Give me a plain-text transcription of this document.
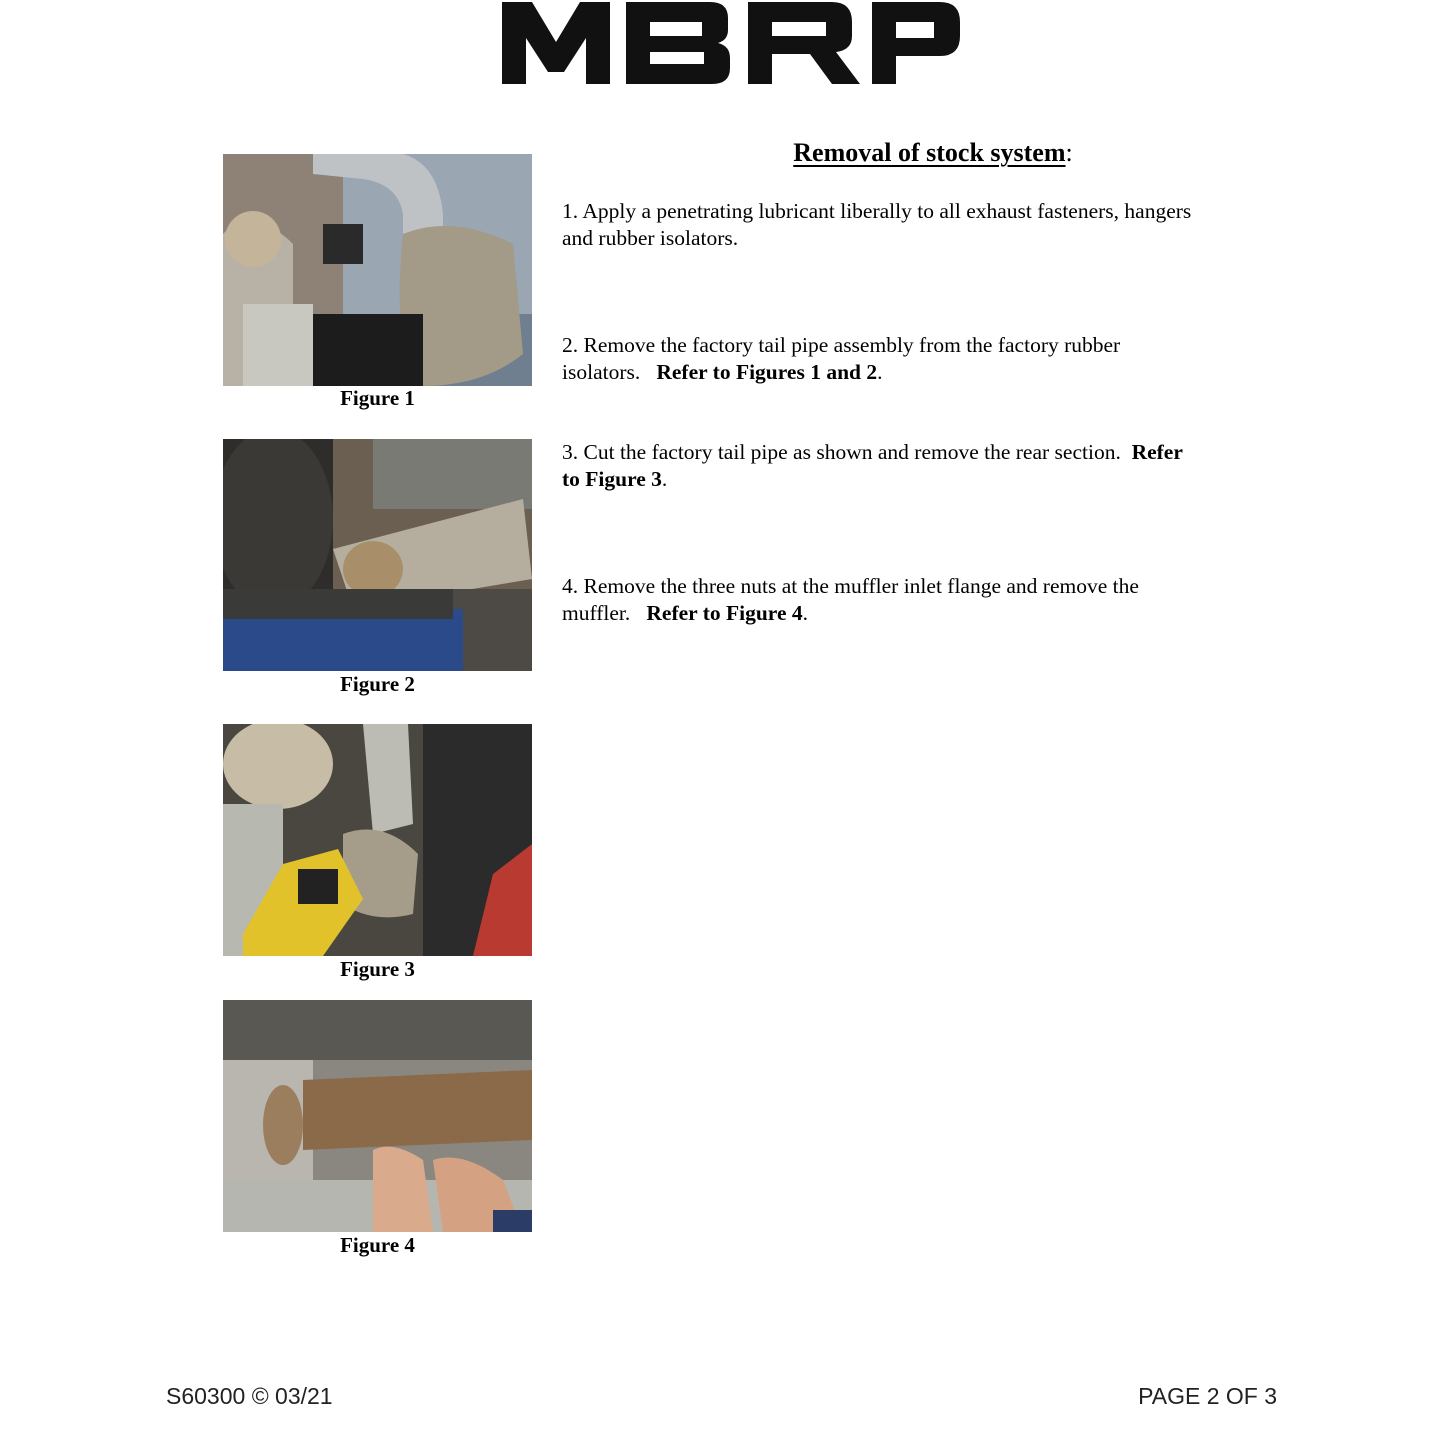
Figure 1
Figure 2
Figure 3
Figure 4
Removal of stock system:
1. Apply a penetrating lubricant liberally to all exhaust fasteners, hangers
and rubber isolators.
2. Remove the factory tail pipe assembly from the factory rubber
isolators.   Refer to Figures 1 and 2.
3. Cut the factory tail pipe as shown and remove the rear section.  Refer
to Figure 3.
4. Remove the three nuts at the muffler inlet flange and remove the
muffler.   Refer to Figure 4.
S60300 © 03/21	PAGE 2 OF 3
